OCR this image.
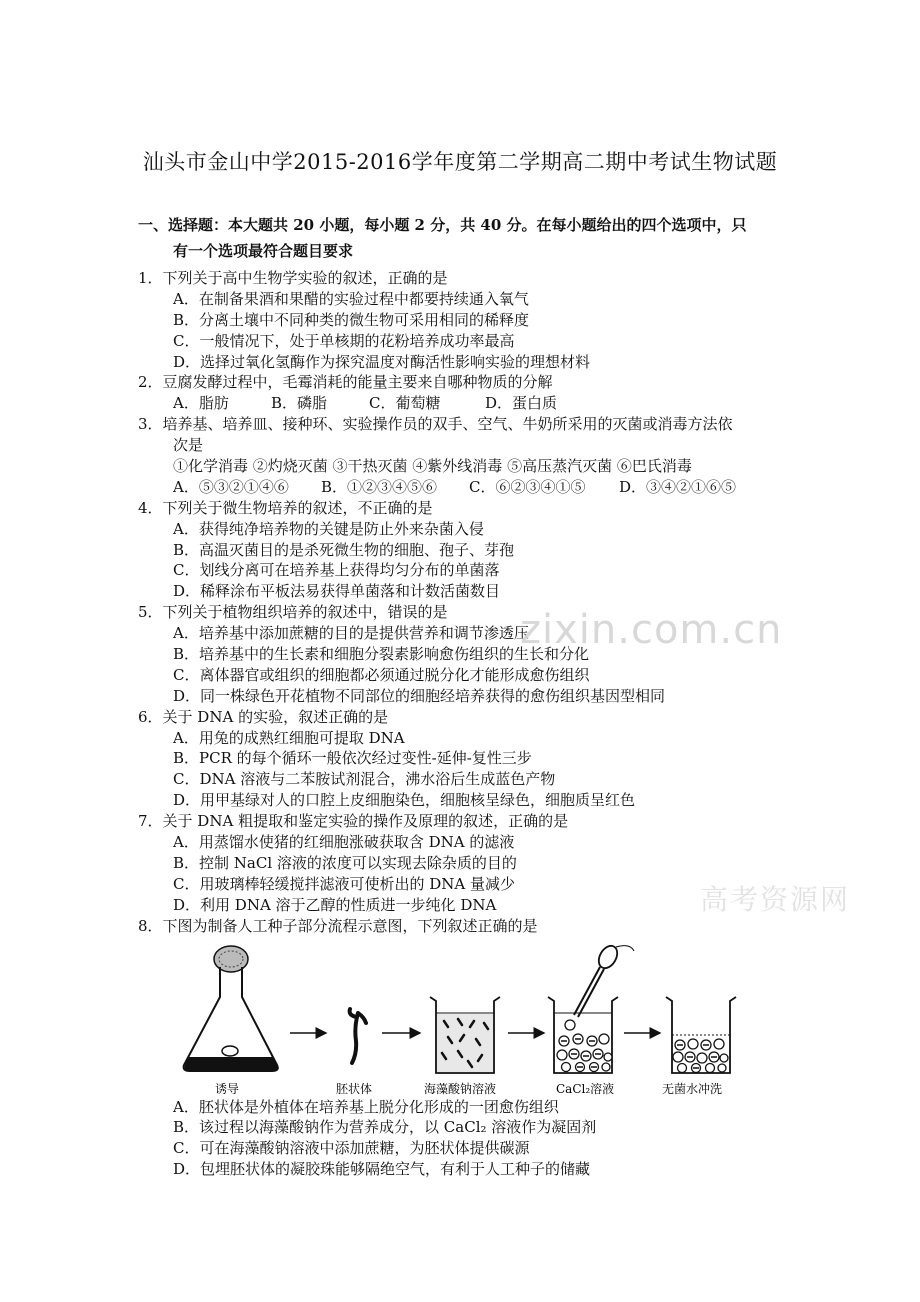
汕头市金山中学2015-2016学年度第二学期高二期中考试生物试题
一、选择题：本大题共 20 小题，每小题 2 分，共 40 分。在每小题给出的四个选项中，只
有一个选项最符合题目要求
1．下列关于高中生物学实验的叙述，正确的是
A．在制备果酒和果醋的实验过程中都要持续通入氧气
B．分离土壤中不同种类的微生物可采用相同的稀释度
C．一般情况下，处于单核期的花粉培养成功率最高
D．选择过氧化氢酶作为探究温度对酶活性影响实验的理想材料
2．豆腐发酵过程中，毛霉消耗的能量主要来自哪种物质的分解
A．脂肪	B．磷脂	C．葡萄糖	D．蛋白质
3．培养基、培养皿、接种环、实验操作员的双手、空气、牛奶所采用的灭菌或消毒方法依
次是
①化学消毒 ②灼烧灭菌 ③干热灭菌 ④紫外线消毒 ⑤高压蒸汽灭菌 ⑥巴氏消毒
A．⑤③②①④⑥	B．①②③④⑤⑥	C．⑥②③④①⑤	D．③④②①⑥⑤
4．下列关于微生物培养的叙述，不正确的是
A．获得纯净培养物的关键是防止外来杂菌入侵
B．高温灭菌目的是杀死微生物的细胞、孢子、芽孢
C．划线分离可在培养基上获得均匀分布的单菌落
D．稀释涂布平板法易获得单菌落和计数活菌数目
5．下列关于植物组织培养的叙述中，错误的是
A．培养基中添加蔗糖的目的是提供营养和调节渗透压
B．培养基中的生长素和细胞分裂素影响愈伤组织的生长和分化
C．离体器官或组织的细胞都必须通过脱分化才能形成愈伤组织
D．同一株绿色开花植物不同部位的细胞经培养获得的愈伤组织基因型相同
6．关于 DNA 的实验，叙述正确的是
A．用兔的成熟红细胞可提取 DNA
B．PCR 的每个循环一般依次经过变性-延伸-复性三步
C．DNA 溶液与二苯胺试剂混合，沸水浴后生成蓝色产物
D．用甲基绿对人的口腔上皮细胞染色，细胞核呈绿色，细胞质呈红色
7．关于 DNA 粗提取和鉴定实验的操作及原理的叙述，正确的是
A．用蒸馏水使猪的红细胞涨破获取含 DNA 的滤液
B．控制 NaCl 溶液的浓度可以实现去除杂质的目的
C．用玻璃棒轻缓搅拌滤液可使析出的 DNA 量减少
D．利用 DNA 溶于乙醇的性质进一步纯化 DNA
8．下图为制备人工种子部分流程示意图，下列叙述正确的是
诱导	胚状体	海藻酸钠溶液	CaCl₂溶液	无菌水冲洗
A．胚状体是外植体在培养基上脱分化形成的一团愈伤组织
B．该过程以海藻酸钠作为营养成分，以 CaCl₂ 溶液作为凝固剂
C．可在海藻酸钠溶液中添加蔗糖，为胚状体提供碳源
D．包埋胚状体的凝胶珠能够隔绝空气，有利于人工种子的储藏
zixin.com.cn
高考资源网
